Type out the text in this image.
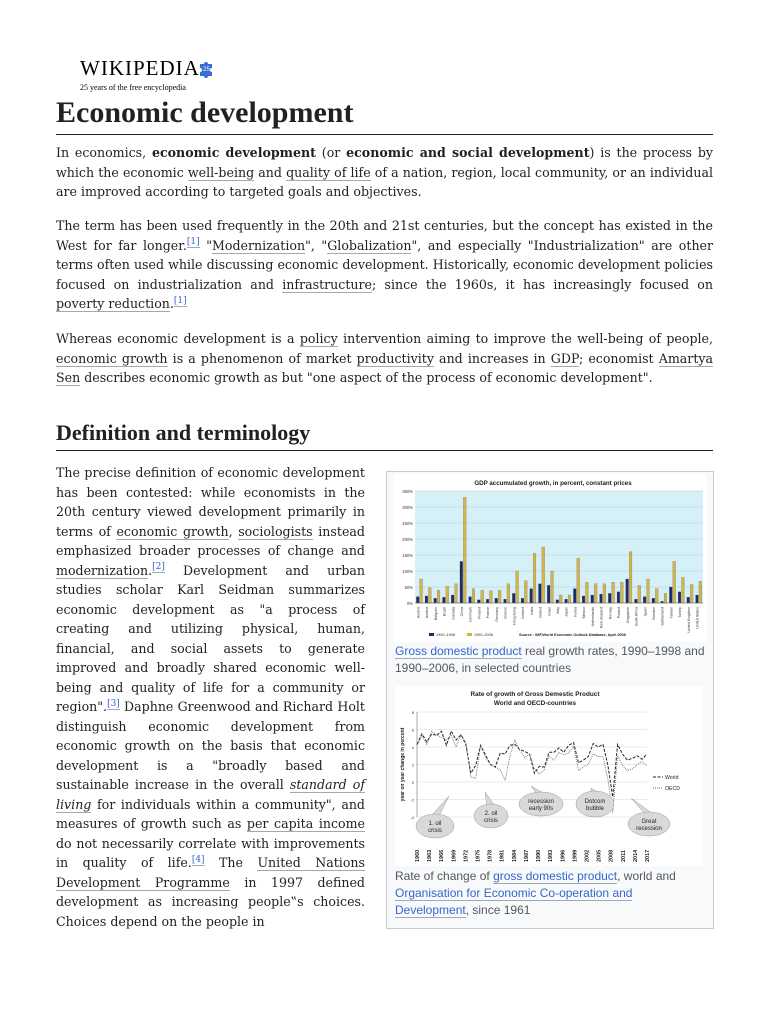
WIKIPEDIA 25
25 years of the free encyclopedia
Economic development

In economics, economic development (or economic and social development) is the process by which the economic well-being and quality of life of a nation, region, local community, or an individual are improved according to targeted goals and objectives.

The term has been used frequently in the 20th and 21st centuries, but the concept has existed in the West for far longer.[1] "Modernization", "Globalization", and especially "Industrialization" are other terms often used while discussing economic development. Historically, economic development policies focused on industrialization and infrastructure; since the 1960s, it has increasingly focused on poverty reduction.[1]

Whereas economic development is a policy intervention aiming to improve the well-being of people, economic growth is a phenomenon of market productivity and increases in GDP; economist Amartya Sen describes economic growth as but "one aspect of the process of economic development".

Definition and terminology

The precise definition of economic development has been contested: while economists in the 20th century viewed development primarily in terms of economic growth, sociologists instead emphasized broader processes of change and modernization.[2] Development and urban studies scholar Karl Seidman summarizes economic development as "a process of creating and utilizing physical, human, financial, and social assets to generate improved and broadly shared economic well-being and quality of life for a community or region".[3] Daphne Greenwood and Richard Holt distinguish economic development from economic growth on the basis that economic development is a "broadly based and sustainable increase in the overall standard of living for individuals within a community", and measures of growth such as per capita income do not necessarily correlate with improvements in quality of life.[4] The United Nations Development Programme in 1997 defined development as increasing people‟s choices. Choices depend on the people in

GDP accumulated growth, in percent, constant prices
350%
300%
250%
200%
150%
100%
50%
0%
Austria Austria Belgium Brazil Canada China Denmark Finland France Germany Greece Hong Kong Iceland India Ireland Israel Italy Japan Korea Mexico Netherlands New Zealand Norway Poland Singapore South Africa Spain Sweden Switzerland Taiwan Turkey United Kingdom United States
1990–1998	1990–2006	Source : IMF,World Economic Outlook Database, April 2008
Gross domestic product real growth rates, 1990–1998 and 1990–2006, in selected countries
Rate of growth of Gross Demestic Product
World and OECD-countries
8
6
4
2
0
-2
-4
year on year change in percent
1960 1963 1966 1969 1972 1975 1978 1981 1984 1987 1990 1993 1996 1999 2002 2005 2008 2011 2014 2017
World
OECD
1. oil
crisis
2. oil
crisis
recession
early 90s
Dotcom
bubble
Great
recession
Rate of change of gross domestic product, world and Organisation for Economic Co-operation and Development, since 1961
